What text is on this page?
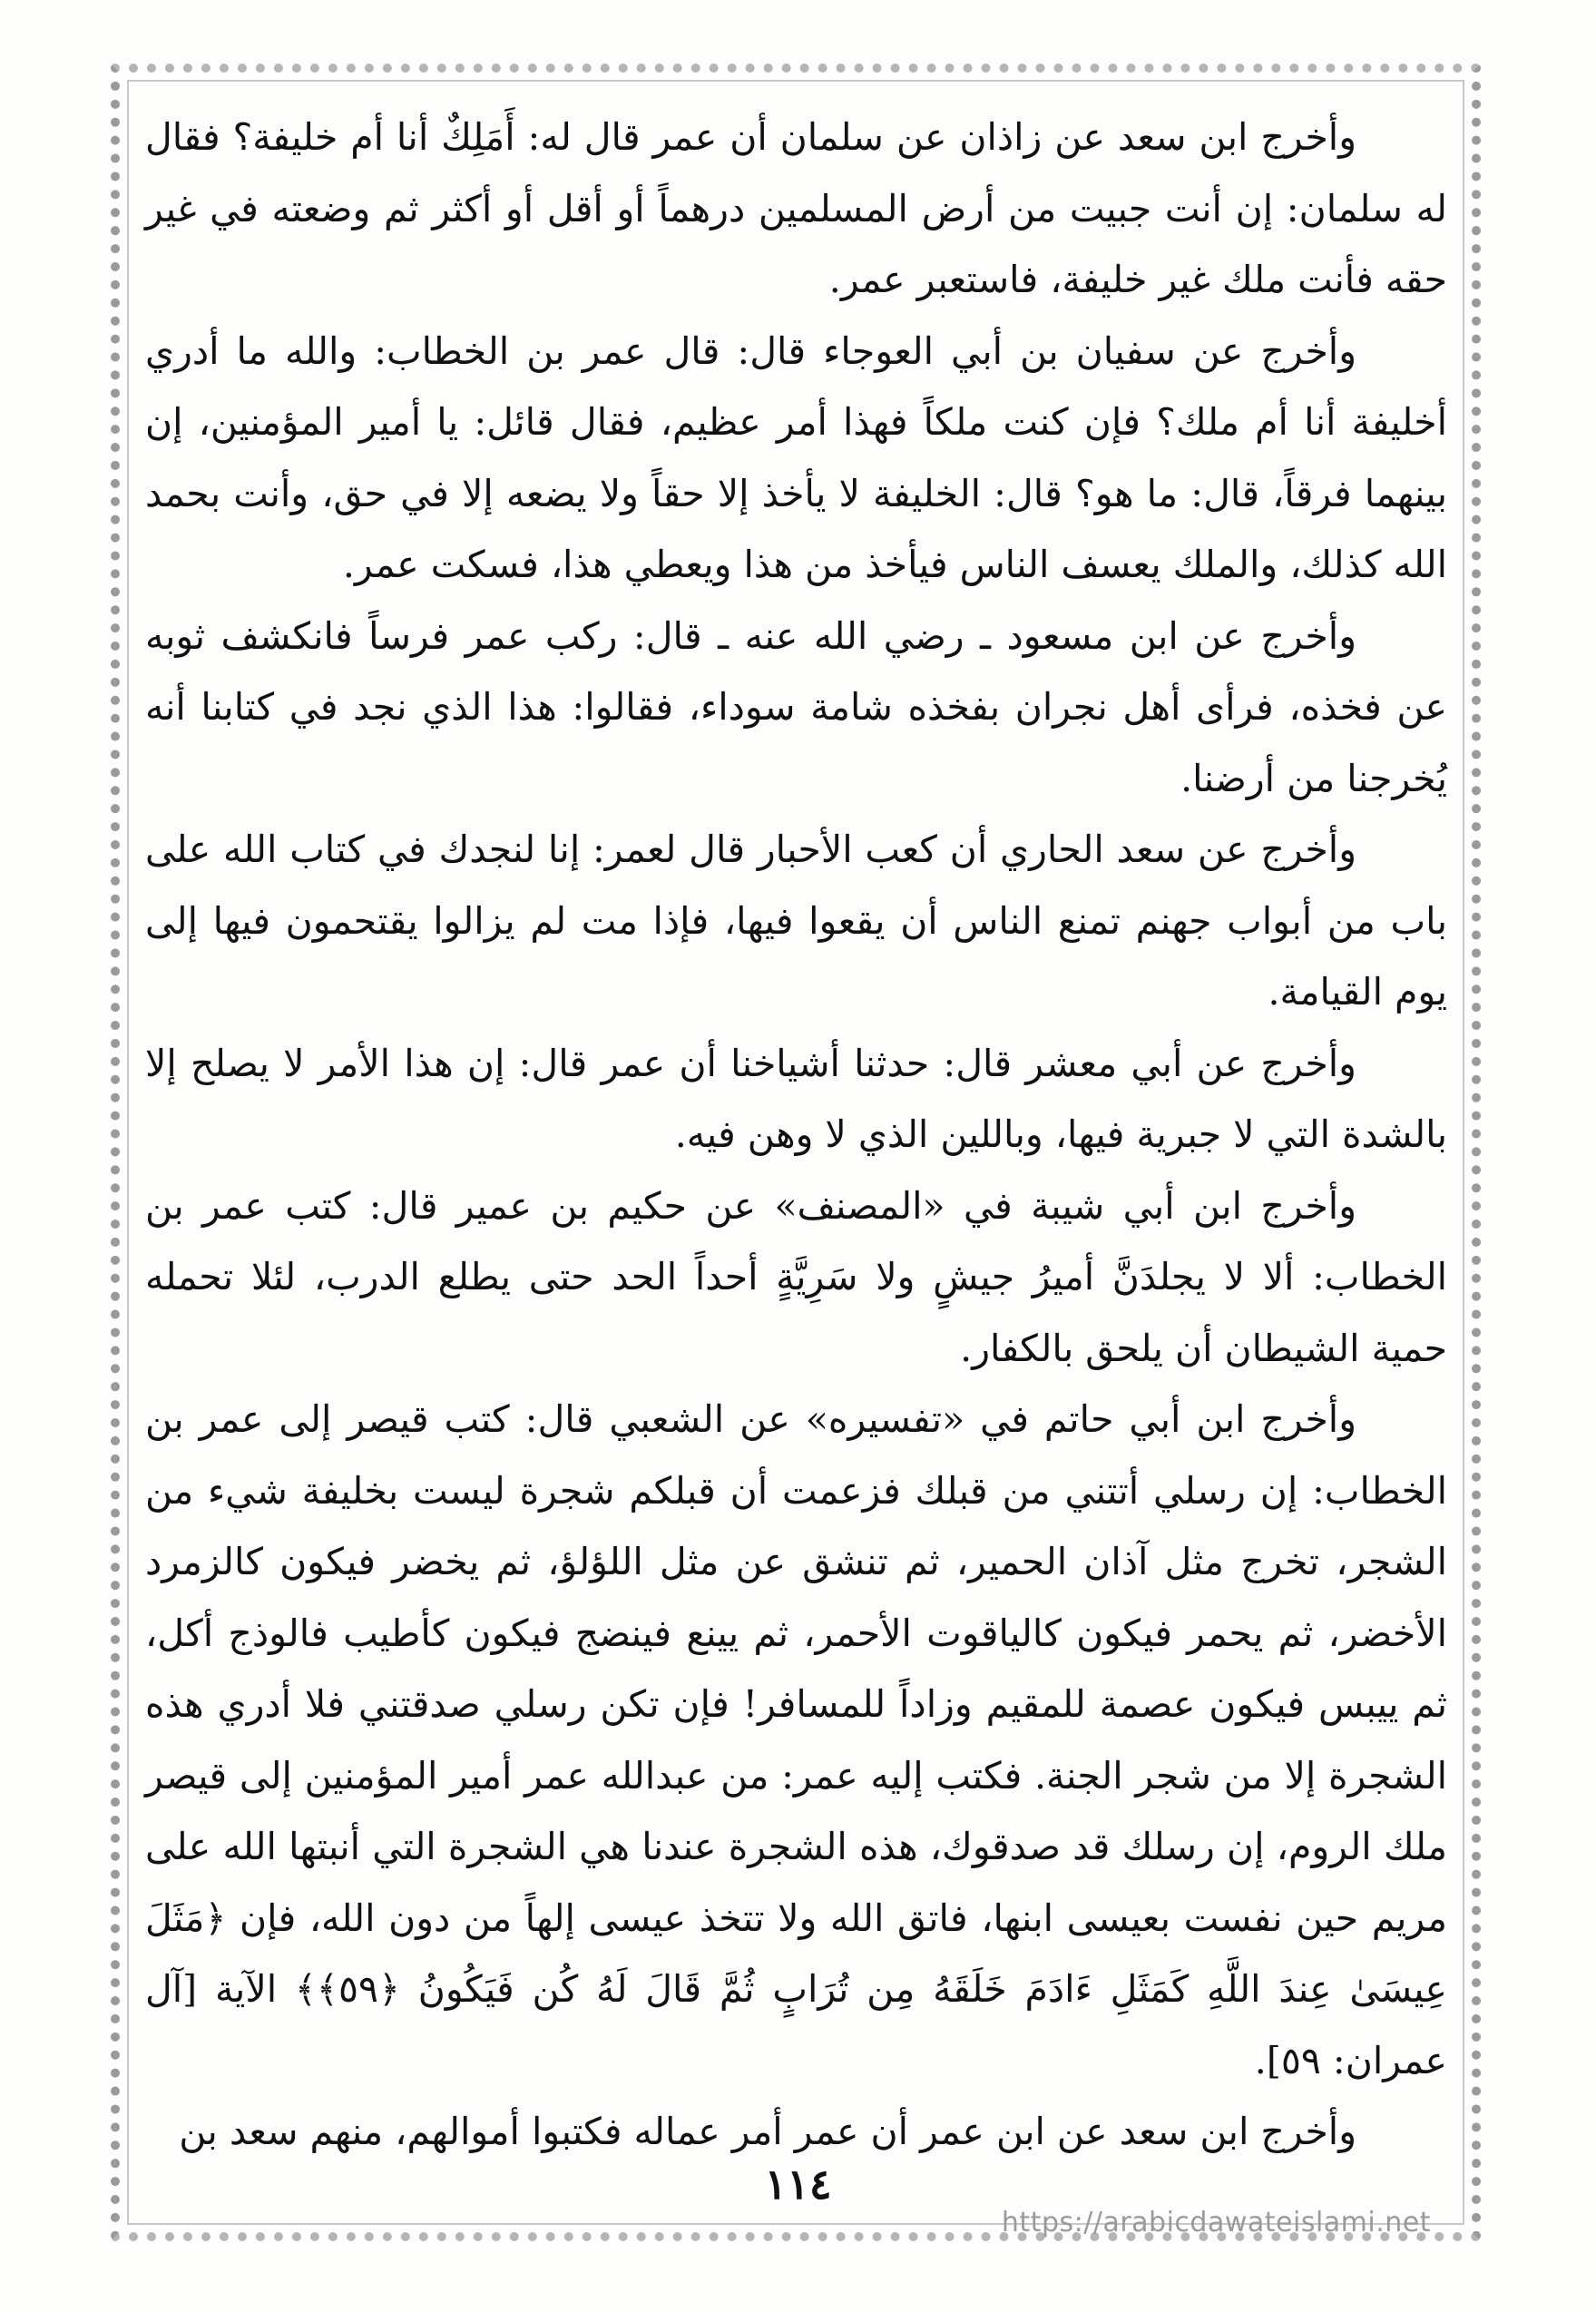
وأخرج ابن سعد عن زاذان عن سلمان أن عمر قال له: أَمَلِكٌ أنا أم خليفة؟ فقال له سلمان: إن أنت جبيت من أرض المسلمين درهماً أو أقل أو أكثر ثم وضعته في غير حقه فأنت ملك غير خليفة، فاستعبر عمر.

وأخرج عن سفيان بن أبي العوجاء قال: قال عمر بن الخطاب: والله ما أدري أخليفة أنا أم ملك؟ فإن كنت ملكاً فهذا أمر عظيم، فقال قائل: يا أمير المؤمنين، إن بينهما فرقاً، قال: ما هو؟ قال: الخليفة لا يأخذ إلا حقاً ولا يضعه إلا في حق، وأنت بحمد الله كذلك، والملك يعسف الناس فيأخذ من هذا ويعطي هذا، فسكت عمر.

وأخرج عن ابن مسعود ـ رضي الله عنه ـ قال: ركب عمر فرساً فانكشف ثوبه عن فخذه، فرأى أهل نجران بفخذه شامة سوداء، فقالوا: هذا الذي نجد في كتابنا أنه يُخرجنا من أرضنا.

وأخرج عن سعد الحاري أن كعب الأحبار قال لعمر: إنا لنجدك في كتاب الله على باب من أبواب جهنم تمنع الناس أن يقعوا فيها، فإذا مت لم يزالوا يقتحمون فيها إلى يوم القيامة.

وأخرج عن أبي معشر قال: حدثنا أشياخنا أن عمر قال: إن هذا الأمر لا يصلح إلا بالشدة التي لا جبرية فيها، وباللين الذي لا وهن فيه.

وأخرج ابن أبي شيبة في «المصنف» عن حكيم بن عمير قال: كتب عمر بن الخطاب: ألا لا يجلدَنَّ أميرُ جيشٍ ولا سَرِيَّةٍ أحداً الحد حتى يطلع الدرب، لئلا تحمله حمية الشيطان أن يلحق بالكفار.

وأخرج ابن أبي حاتم في «تفسيره» عن الشعبي قال: كتب قيصر إلى عمر بن الخطاب: إن رسلي أتتني من قبلك فزعمت أن قبلكم شجرة ليست بخليفة شيء من الشجر، تخرج مثل آذان الحمير، ثم تنشق عن مثل اللؤلؤ، ثم يخضر فيكون كالزمرد الأخضر، ثم يحمر فيكون كالياقوت الأحمر، ثم يينع فينضج فيكون كأطيب فالوذج أكل، ثم ييبس فيكون عصمة للمقيم وزاداً للمسافر! فإن تكن رسلي صدقتني فلا أدري هذه الشجرة إلا من شجر الجنة. فكتب إليه عمر: من عبدالله عمر أمير المؤمنين إلى قيصر ملك الروم، إن رسلك قد صدقوك، هذه الشجرة عندنا هي الشجرة التي أنبتها الله على مريم حين نفست بعيسى ابنها، فاتق الله ولا تتخذ عيسى إلهاً من دون الله، فإن ﴿مَثَلَ عِيسَىٰ عِندَ اللَّهِ كَمَثَلِ ءَادَمَ خَلَقَهُ مِن تُرَابٍ ثُمَّ قَالَ لَهُ كُن فَيَكُونُ ﴿٥٩﴾﴾ الآية [آل عمران: ٥٩].

وأخرج ابن سعد عن ابن عمر أن عمر أمر عماله فكتبوا أموالهم، منهم سعد بن

١١٤
https://arabicdawateislami.net
